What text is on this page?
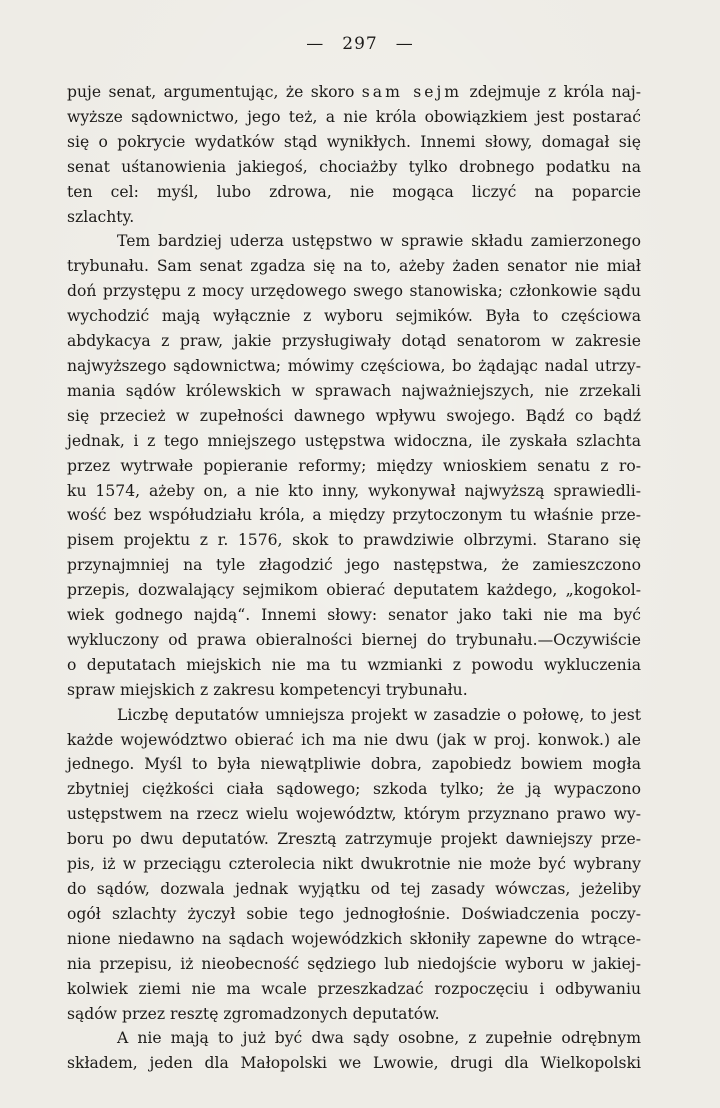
— 297 —
puje senat, argumentując, że skoro sam sejm zdejmuje z króla naj-
wyższe sądownictwo, jego też, a nie króla obowiązkiem jest postarać
się o pokrycie wydatków stąd wynikłych. Innemi słowy, domagał się
senat uśtanowienia jakiegoś, chociażby tylko drobnego podatku na
ten cel: myśl, lubo zdrowa, nie mogąca liczyć na poparcie
szlachty.
Tem bardziej uderza ustępstwo w sprawie składu zamierzonego
trybunału. Sam senat zgadza się na to, ażeby żaden senator nie miał
doń przystępu z mocy urzędowego swego stanowiska; członkowie sądu
wychodzić mają wyłącznie z wyboru sejmików. Była to częściowa
abdykacya z praw, jakie przysługiwały dotąd senatorom w zakresie
najwyższego sądownictwa; mówimy częściowa, bo żądając nadal utrzy-
mania sądów królewskich w sprawach najważniejszych, nie zrzekali
się przecież w zupełności dawnego wpływu swojego. Bądź co bądź
jednak, i z tego mniejszego ustępstwa widoczna, ile zyskała szlachta
przez wytrwałe popieranie reformy; między wnioskiem senatu z ro-
ku 1574, ażeby on, a nie kto inny, wykonywał najwyższą sprawiedli-
wość bez współudziału króla, a między przytoczonym tu właśnie prze-
pisem projektu z r. 1576, skok to prawdziwie olbrzymi. Starano się
przynajmniej na tyle złagodzić jego następstwa, że zamieszczono
przepis, dozwalający sejmikom obierać deputatem każdego, „kogokol-
wiek godnego najdą“. Innemi słowy: senator jako taki nie ma być
wykluczony od prawa obieralności biernej do trybunału.—Oczywiście
o deputatach miejskich nie ma tu wzmianki z powodu wykluczenia
spraw miejskich z zakresu kompetencyi trybunału.
Liczbę deputatów umniejsza projekt w zasadzie o połowę, to jest
każde województwo obierać ich ma nie dwu (jak w proj. konwok.) ale
jednego. Myśl to była niewątpliwie dobra, zapobiedz bowiem mogła
zbytniej ciężkości ciała sądowego; szkoda tylko; że ją wypaczono
ustępstwem na rzecz wielu województw, którym przyznano prawo wy-
boru po dwu deputatów. Zresztą zatrzymuje projekt dawniejszy prze-
pis, iż w przeciągu czterolecia nikt dwukrotnie nie może być wybrany
do sądów, dozwala jednak wyjątku od tej zasady wówczas, jeżeliby
ogół szlachty życzył sobie tego jednogłośnie. Doświadczenia poczy-
nione niedawno na sądach wojewódzkich skłoniły zapewne do wtrące-
nia przepisu, iż nieobecność sędziego lub niedojście wyboru w jakiej-
kolwiek ziemi nie ma wcale przeszkadzać rozpoczęciu i odbywaniu
sądów przez resztę zgromadzonych deputatów.
A nie mają to już być dwa sądy osobne, z zupełnie odrębnym
składem, jeden dla Małopolski we Lwowie, drugi dla Wielkopolski
